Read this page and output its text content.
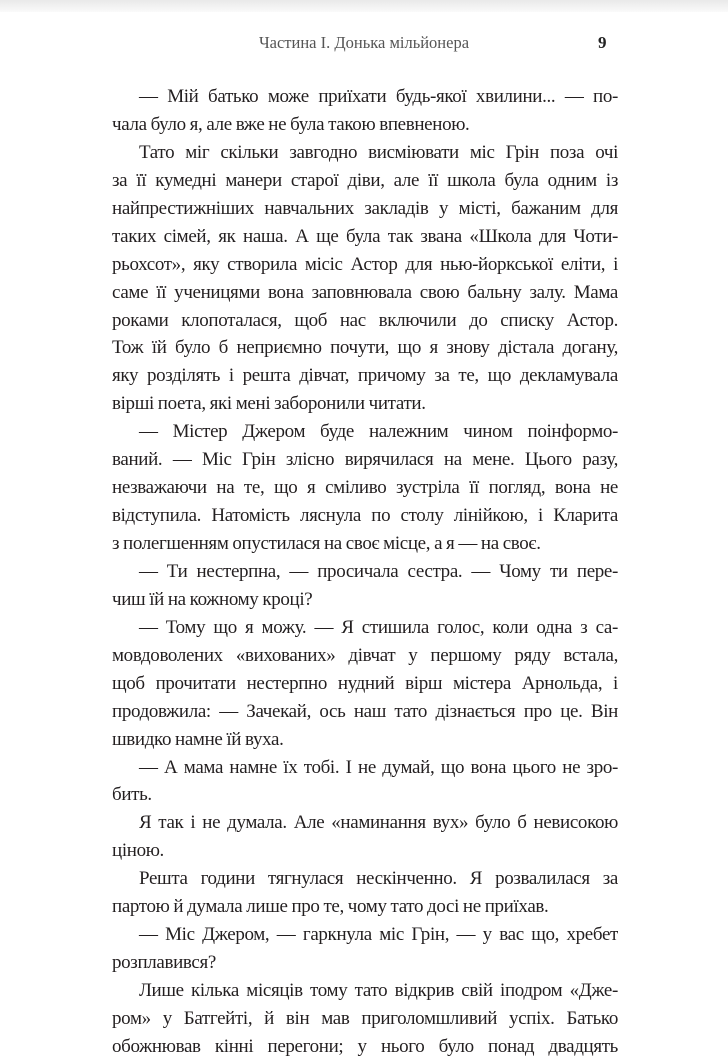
Частина І. Донька мільйонера	9
— Мій батько може приїхати будь-якої хвилини... — по-
чала було я, але вже не була такою впевненою.
Тато міг скільки завгодно висміювати міс Грін поза очі
за її кумедні манери старої діви, але її школа була одним із
найпрестижніших навчальних закладів у місті, бажаним для
таких сімей, як наша. А ще була так звана «Школа для Чоти-
рьохсот», яку створила місіс Астор для нью-йоркської еліти, і
саме її ученицями вона заповнювала свою бальну залу. Мама
роками клопоталася, щоб нас включили до списку Астор.
Тож їй було б неприємно почути, що я знову дістала догану,
яку розділять і решта дівчат, причому за те, що декламувала
вірші поета, які мені заборонили читати.
— Містер Джером буде належним чином поінформо-
ваний. — Міс Грін злісно вирячилася на мене. Цього разу,
незважаючи на те, що я сміливо зустріла її погляд, вона не
відступила. Натомість ляснула по столу лінійкою, і Кларита
з полегшенням опустилася на своє місце, а я — на своє.
— Ти нестерпна, — просичала сестра. — Чому ти пере-
чиш їй на кожному кроці?
— Тому що я можу. — Я стишила голос, коли одна з са-
мовдоволених «вихованих» дівчат у першому ряду встала,
щоб прочитати нестерпно нудний вірш містера Арнольда, і
продовжила: — Зачекай, ось наш тато дізнається про це. Він
швидко намне їй вуха.
— А мама намне їх тобі. І не думай, що вона цього не зро-
бить.
Я так і не думала. Але «наминання вух» було б невисокою
ціною.
Решта години тягнулася нескінченно. Я розвалилася за
партою й думала лише про те, чому тато досі не приїхав.
— Міс Джером, — гаркнула міс Грін, — у вас що, хребет
розплавився?
Лише кілька місяців тому тато відкрив свій іподром «Дже-
ром» у Батгейті, й він мав приголомшливий успіх. Батько
обожнював кінні перегони; у нього було понад двадцять
